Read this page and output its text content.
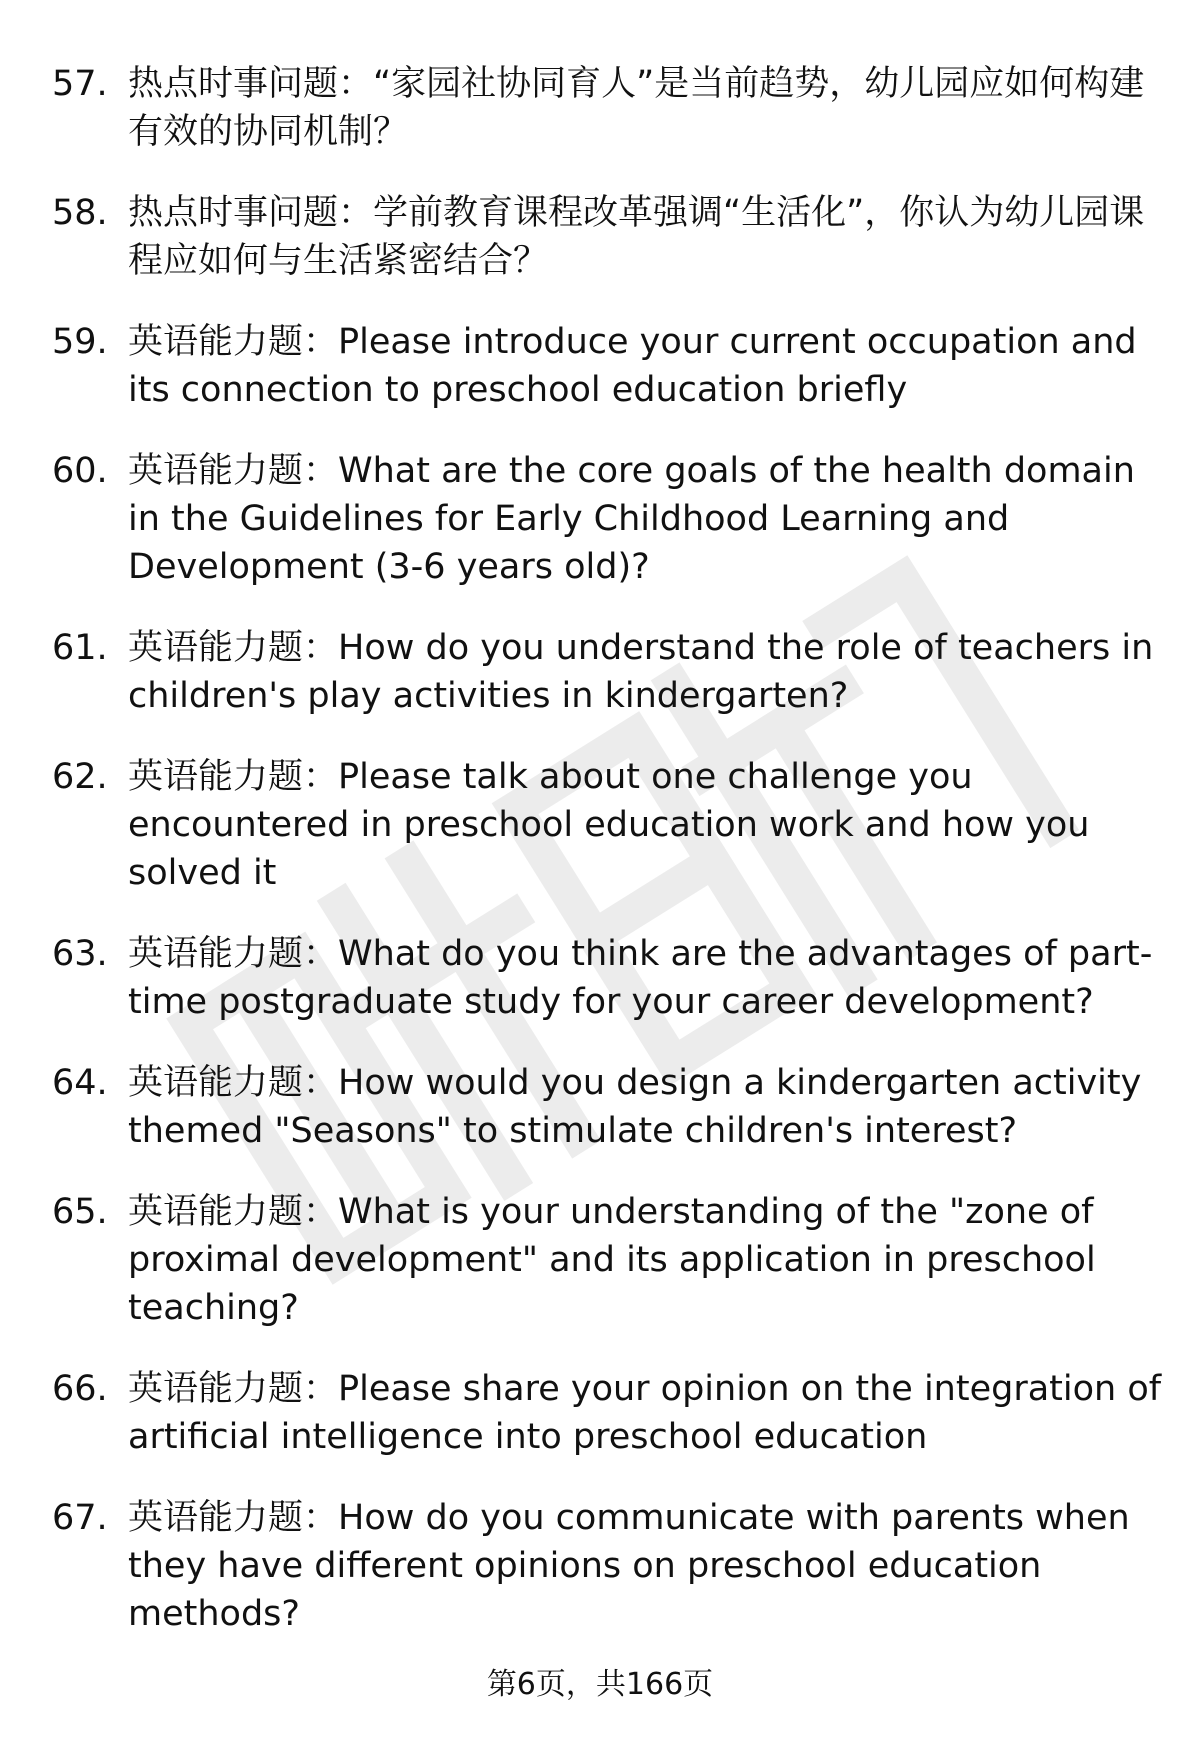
57. 热点时事问题：“家园社协同育人”是当前趋势，幼儿园应如何构建有效的协同机制？
58. 热点时事问题：学前教育课程改革强调“生活化”，你认为幼儿园课程应如何与生活紧密结合？
59. 英语能力题：Please introduce your current occupation and its connection to preschool education briefly
60. 英语能力题：What are the core goals of the health domain in the Guidelines for Early Childhood Learning and Development (3-6 years old)?
61. 英语能力题：How do you understand the role of teachers in children's play activities in kindergarten?
62. 英语能力题：Please talk about one challenge you encountered in preschool education work and how you solved it
63. 英语能力题：What do you think are the advantages of part-time postgraduate study for your career development?
64. 英语能力题：How would you design a kindergarten activity themed "Seasons" to stimulate children's interest?
65. 英语能力题：What is your understanding of the "zone of proximal development" and its application in preschool teaching?
66. 英语能力题：Please share your opinion on the integration of artificial intelligence into preschool education
67. 英语能力题：How do you communicate with parents when they have different opinions on preschool education methods?
第6页，共166页
